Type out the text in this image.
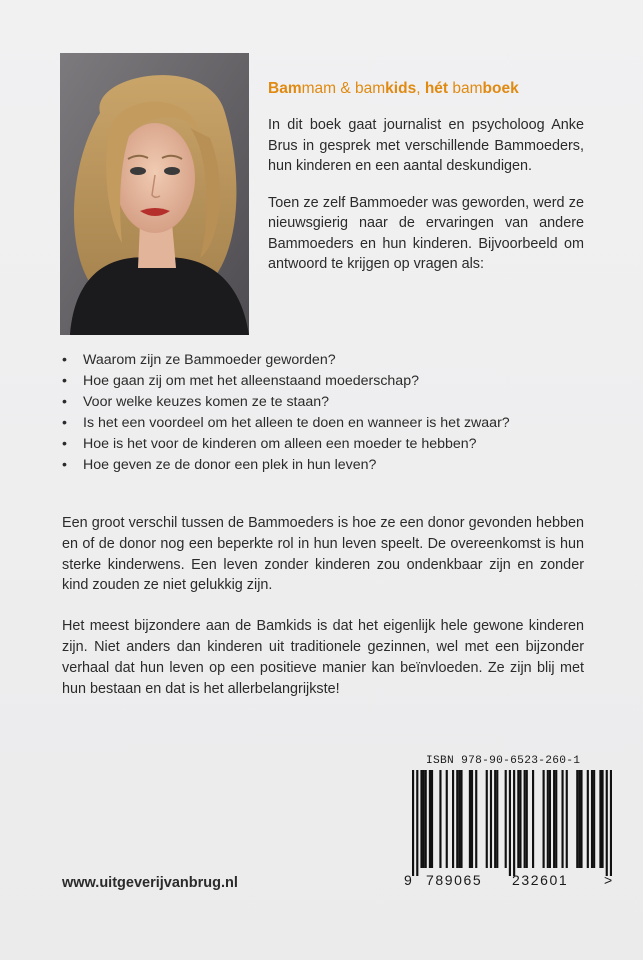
Bammam & bamkids, hét bamboek

In dit boek gaat journalist en psycholoog Anke Brus in gesprek met verschillende Bammoeders, hun kinderen en een aantal deskundigen.

Toen ze zelf Bammoeder was geworden, werd ze nieuwsgierig naar de ervaringen van andere Bammoeders en hun kinderen. Bijvoorbeeld om antwoord te krijgen op vragen als:

• Waarom zijn ze Bammoeder geworden?
• Hoe gaan zij om met het alleenstaand moederschap?
• Voor welke keuzes komen ze te staan?
• Is het een voordeel om het alleen te doen en wanneer is het zwaar?
• Hoe is het voor de kinderen om alleen een moeder te hebben?
• Hoe geven ze de donor een plek in hun leven?

Een groot verschil tussen de Bammoeders is hoe ze een donor gevonden hebben en of de donor nog een beperkte rol in hun leven speelt. De overeenkomst is hun sterke kinderwens. Een leven zonder kinderen zou ondenkbaar zijn en zonder kind zouden ze niet gelukkig zijn.

Het meest bijzondere aan de Bamkids is dat het eigenlijk hele gewone kinderen zijn. Niet anders dan kinderen uit traditionele gezinnen, wel met een bijzonder verhaal dat hun leven op een positieve manier kan beïnvloeden. Ze zijn blij met hun bestaan en dat is het allerbelangrijkste!

ISBN 978-90-6523-260-1
9 789065 232601	>
www.uitgeverijvanbrug.nl
